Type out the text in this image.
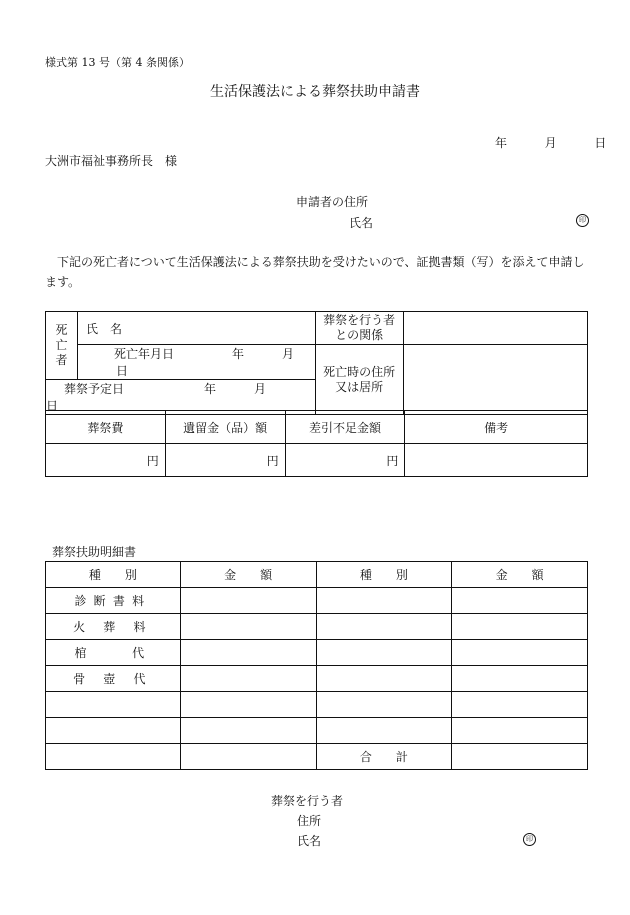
様式第 13 号（第 4 条関係）
生活保護法による葬祭扶助申請書
年	月	日
大洲市福祉事務所長　様
申請者の住所
氏名	印
下記の死亡者について生活保護法による葬祭扶助を受けたいので、証拠書類（写）を添えて申請します。
死亡者	氏　名	葬祭を行う者との関係	
	死亡年月日 年 月日	死亡時の住所又は居所	
葬祭予定日 年 月日			
葬祭費	遺留金（品）額	差引不足金額	備考
円	円	円	
葬祭扶助明細書
種　　別	金　　額	種　　別	金　　額
診断書料			
火 葬 料			
棺　　代			
骨 壺 代			

		合　　計	
葬祭を行う者
住所
氏名	印
